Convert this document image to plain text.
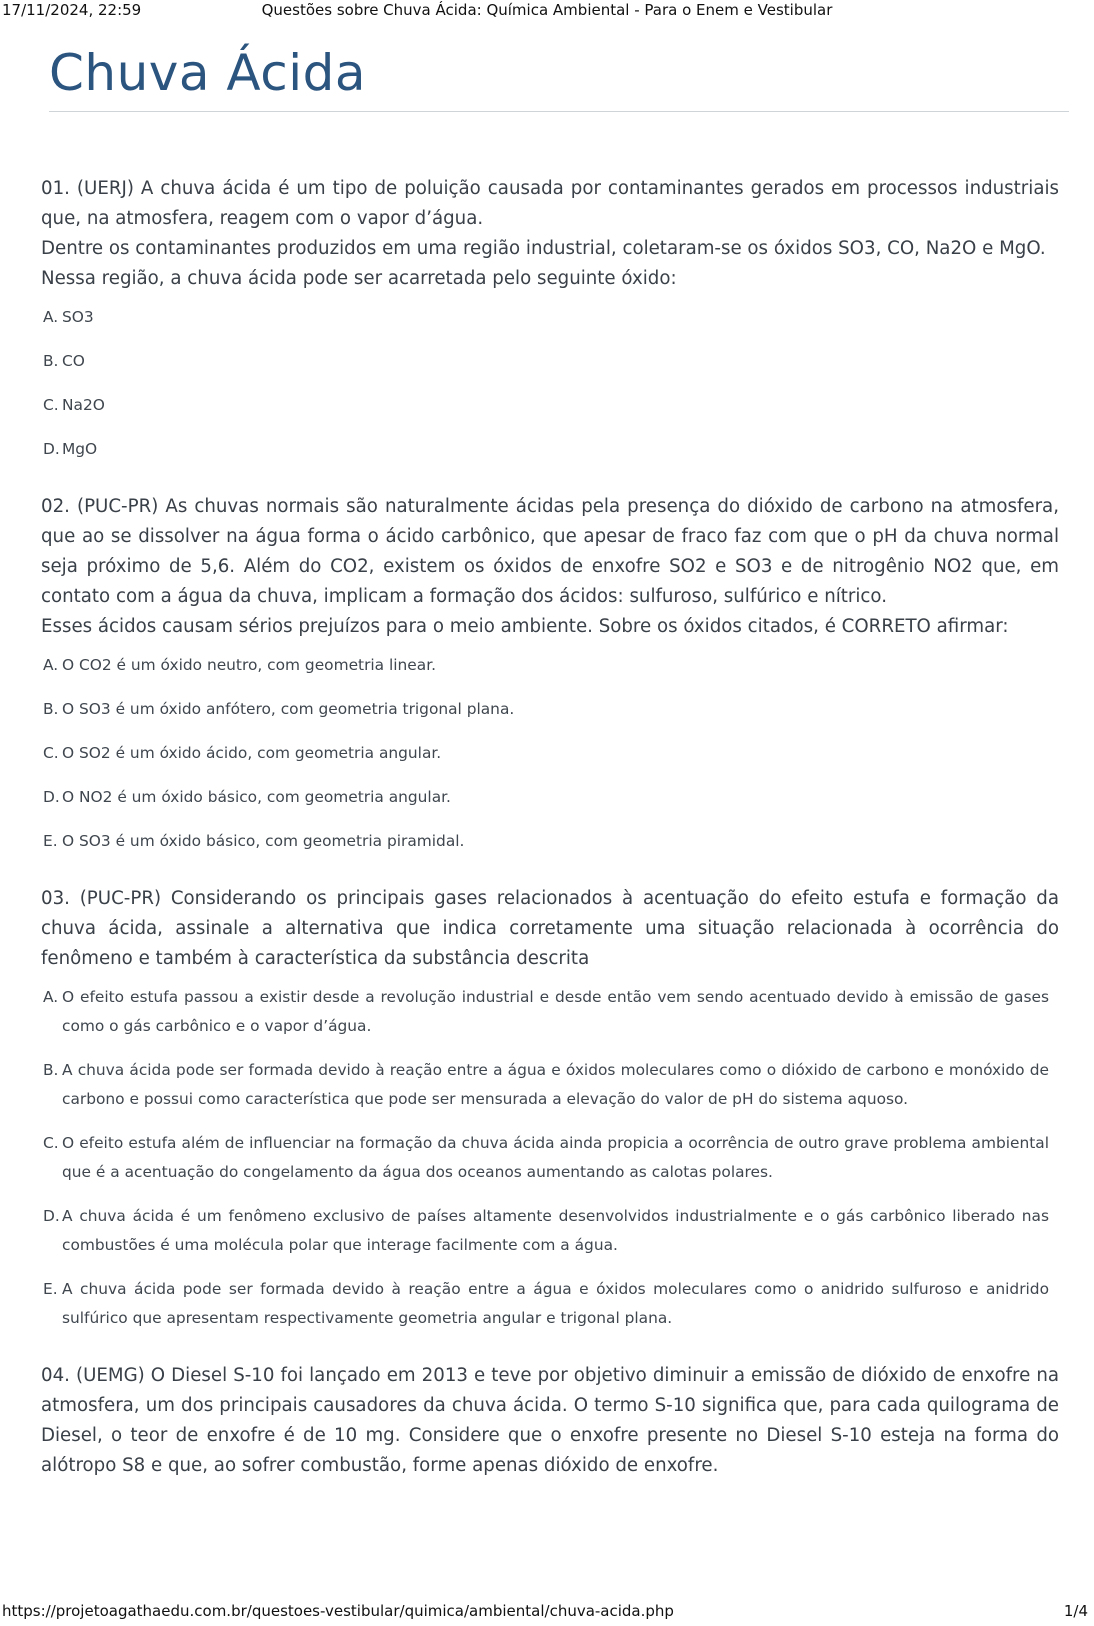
17/11/2024, 22:59	Questões sobre Chuva Ácida: Química Ambiental - Para o Enem e Vestibular
Chuva Ácida

01. (UERJ) A chuva ácida é um tipo de poluição causada por contaminantes gerados em processos industriais que, na atmosfera, reagem com o vapor d’água.

Dentre os contaminantes produzidos em uma região industrial, coletaram-se os óxidos SO3, CO, Na2O e MgO.

Nessa região, a chuva ácida pode ser acarretada pelo seguinte óxido:

A. SO3
B. CO
C. Na2O
D. MgO

02. (PUC-PR) As chuvas normais são naturalmente ácidas pela presença do dióxido de carbono na atmosfera, que ao se dissolver na água forma o ácido carbônico, que apesar de fraco faz com que o pH da chuva normal seja próximo de 5,6. Além do CO2, existem os óxidos de enxofre SO2 e SO3 e de nitrogênio NO2 que, em contato com a água da chuva, implicam a formação dos ácidos: sulfuroso, sulfúrico e nítrico.

Esses ácidos causam sérios prejuízos para o meio ambiente. Sobre os óxidos citados, é CORRETO afirmar:

A. O CO2 é um óxido neutro, com geometria linear.
B. O SO3 é um óxido anfótero, com geometria trigonal plana.
C. O SO2 é um óxido ácido, com geometria angular.
D. O NO2 é um óxido básico, com geometria angular.
E. O SO3 é um óxido básico, com geometria piramidal.

03. (PUC-PR) Considerando os principais gases relacionados à acentuação do efeito estufa e formação da chuva ácida, assinale a alternativa que indica corretamente uma situação relacionada à ocorrência do fenômeno e também à característica da substância descrita

A. O efeito estufa passou a existir desde a revolução industrial e desde então vem sendo acentuado devido à emissão de gases como o gás carbônico e o vapor d’água.
B. A chuva ácida pode ser formada devido à reação entre a água e óxidos moleculares como o dióxido de carbono e monóxido de carbono e possui como característica que pode ser mensurada a elevação do valor de pH do sistema aquoso.
C. O efeito estufa além de influenciar na formação da chuva ácida ainda propicia a ocorrência de outro grave problema ambiental que é a acentuação do congelamento da água dos oceanos aumentando as calotas polares.
D. A chuva ácida é um fenômeno exclusivo de países altamente desenvolvidos industrialmente e o gás carbônico liberado nas combustões é uma molécula polar que interage facilmente com a água.
E. A chuva ácida pode ser formada devido à reação entre a água e óxidos moleculares como o anidrido sulfuroso e anidrido sulfúrico que apresentam respectivamente geometria angular e trigonal plana.

04. (UEMG) O Diesel S-10 foi lançado em 2013 e teve por objetivo diminuir a emissão de dióxido de enxofre na atmosfera, um dos principais causadores da chuva ácida. O termo S-10 significa que, para cada quilograma de Diesel, o teor de enxofre é de 10 mg. Considere que o enxofre presente no Diesel S-10 esteja na forma do alótropo S8 e que, ao sofrer combustão, forme apenas dióxido de enxofre.

https://projetoagathaedu.com.br/questoes-vestibular/quimica/ambiental/chuva-acida.php	1/4
